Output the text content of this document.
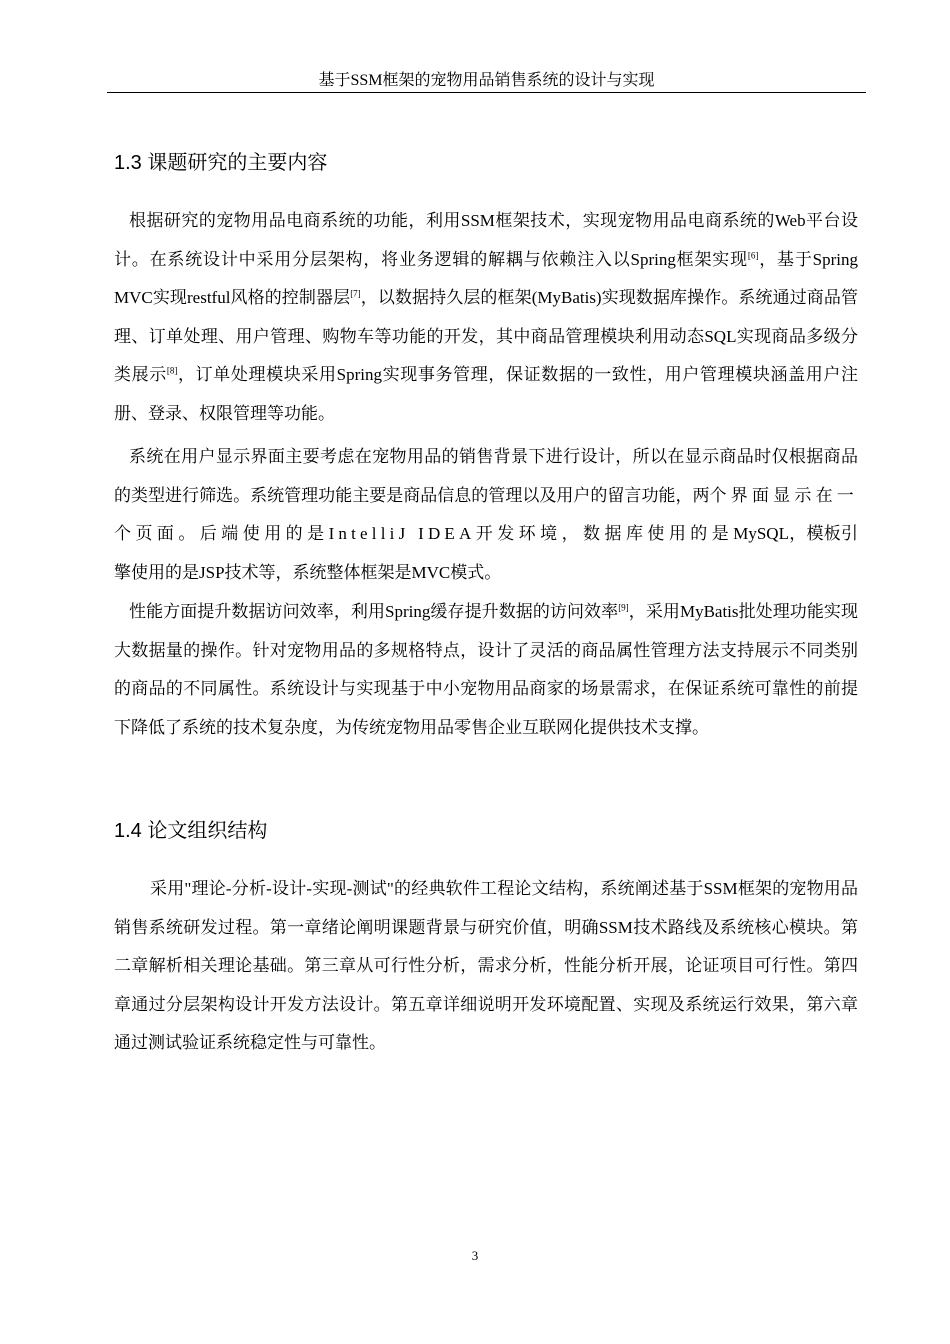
基于SSM框架的宠物用品销售系统的设计与实现
1.3 课题研究的主要内容

根据研究的宠物用品电商系统的功能，利用SSM框架技术，实现宠物用品电商系统的Web平台设计。在系统设计中采用分层架构，将业务逻辑的解耦与依赖注入以Spring框架实现[6]，基于Spring MVC实现restful风格的控制器层[7]，以数据持久层的框架(MyBatis)实现数据库操作。系统通过商品管理、订单处理、用户管理、购物车等功能的开发，其中商品管理模块利用动态SQL实现商品多级分类展示[8]，订单处理模块采用Spring实现事务管理，保证数据的一致性，用户管理模块涵盖用户注册、登录、权限管理等功能。

系统在用户显示界面主要考虑在宠物用品的销售背景下进行设计，所以在显示商品时仅根据商品的类型进行筛选。系统管理功能主要是商品信息的管理以及用户的留言功能，两个界面显示在一个页面。后端使用的是IntelliJ IDEA开发环境，数据库使用的是MySQL，模板引擎使用的是JSP技术等，系统整体框架是MVC模式。

性能方面提升数据访问效率，利用Spring缓存提升数据的访问效率[9]，采用MyBatis批处理功能实现大数据量的操作。针对宠物用品的多规格特点，设计了灵活的商品属性管理方法支持展示不同类别的商品的不同属性。系统设计与实现基于中小宠物用品商家的场景需求，在保证系统可靠性的前提下降低了系统的技术复杂度，为传统宠物用品零售企业互联网化提供技术支撑。

1.4 论文组织结构

采用"理论-分析-设计-实现-测试"的经典软件工程论文结构，系统阐述基于SSM框架的宠物用品销售系统研发过程。第一章绪论阐明课题背景与研究价值，明确SSM技术路线及系统核心模块。第二章解析相关理论基础。第三章从可行性分析，需求分析，性能分析开展，论证项目可行性。第四章通过分层架构设计开发方法设计。第五章详细说明开发环境配置、实现及系统运行效果，第六章通过测试验证系统稳定性与可靠性。

3
